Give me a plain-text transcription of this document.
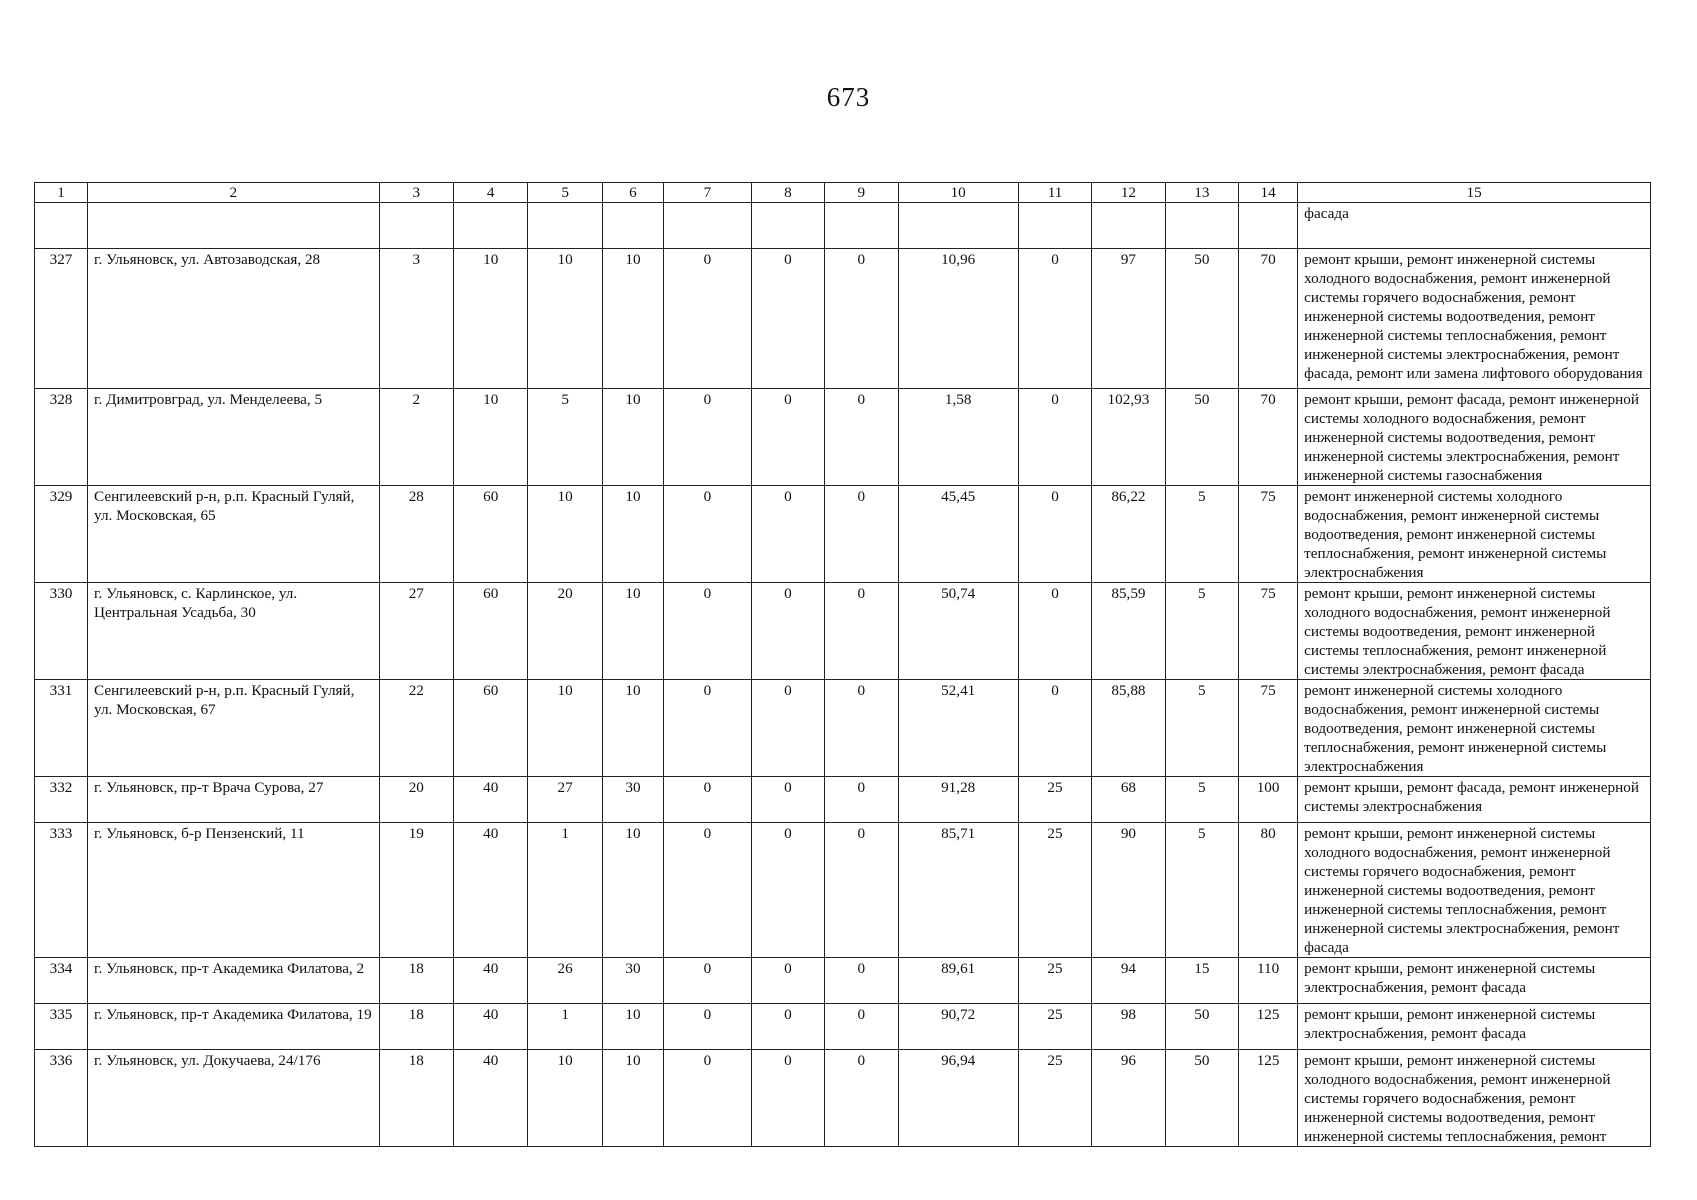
673
1	2	3	4	5	6	7	8	9	10	11	12	13	14	15
														фасада
327	г. Ульяновск, ул. Автозаводская, 28	3	10	10	10	0	0	0	10,96	0	97	50	70	ремонт крыши, ремонт инженерной системы холодного водоснабжения, ремонт инженерной системы горячего водоснабжения, ремонт инженерной системы водоотведения, ремонт инженерной системы теплоснабжения, ремонт инженерной системы электроснабжения, ремонт фасада, ремонт или замена лифтового оборудования
328	г. Димитровград, ул. Менделеева, 5	2	10	5	10	0	0	0	1,58	0	102,93	50	70	ремонт крыши, ремонт фасада, ремонт инженерной системы холодного водоснабжения, ремонт инженерной системы водоотведения, ремонт инженерной системы электроснабжения, ремонт инженерной системы газоснабжения
329	Сенгилеевский р-н, р.п. Красный Гуляй, ул. Московская, 65	28	60	10	10	0	0	0	45,45	0	86,22	5	75	ремонт инженерной системы холодного водоснабжения, ремонт инженерной системы водоотведения, ремонт инженерной системы теплоснабжения, ремонт инженерной системы электроснабжения
330	г. Ульяновск, с. Карлинское, ул. Центральная Усадьба, 30	27	60	20	10	0	0	0	50,74	0	85,59	5	75	ремонт крыши, ремонт инженерной системы холодного водоснабжения, ремонт инженерной системы водоотведения, ремонт инженерной системы теплоснабжения, ремонт инженерной системы электроснабжения, ремонт фасада
331	Сенгилеевский р-н, р.п. Красный Гуляй, ул. Московская, 67	22	60	10	10	0	0	0	52,41	0	85,88	5	75	ремонт инженерной системы холодного водоснабжения, ремонт инженерной системы водоотведения, ремонт инженерной системы теплоснабжения, ремонт инженерной системы электроснабжения
332	г. Ульяновск, пр-т Врача Сурова, 27	20	40	27	30	0	0	0	91,28	25	68	5	100	ремонт крыши, ремонт фасада, ремонт инженерной системы электроснабжения
333	г. Ульяновск, б-р Пензенский, 11	19	40	1	10	0	0	0	85,71	25	90	5	80	ремонт крыши, ремонт инженерной системы холодного водоснабжения, ремонт инженерной системы горячего водоснабжения, ремонт инженерной системы водоотведения, ремонт инженерной системы теплоснабжения, ремонт инженерной системы электроснабжения, ремонт фасада
334	г. Ульяновск, пр-т Академика Филатова, 2	18	40	26	30	0	0	0	89,61	25	94	15	110	ремонт крыши, ремонт инженерной системы электроснабжения, ремонт фасада
335	г. Ульяновск, пр-т Академика Филатова, 19	18	40	1	10	0	0	0	90,72	25	98	50	125	ремонт крыши, ремонт инженерной системы электроснабжения, ремонт фасада
336	г. Ульяновск, ул. Докучаева, 24/176	18	40	10	10	0	0	0	96,94	25	96	50	125	ремонт крыши, ремонт инженерной системы холодного водоснабжения, ремонт инженерной системы горячего водоснабжения, ремонт инженерной системы водоотведения, ремонт инженерной системы теплоснабжения, ремонт
